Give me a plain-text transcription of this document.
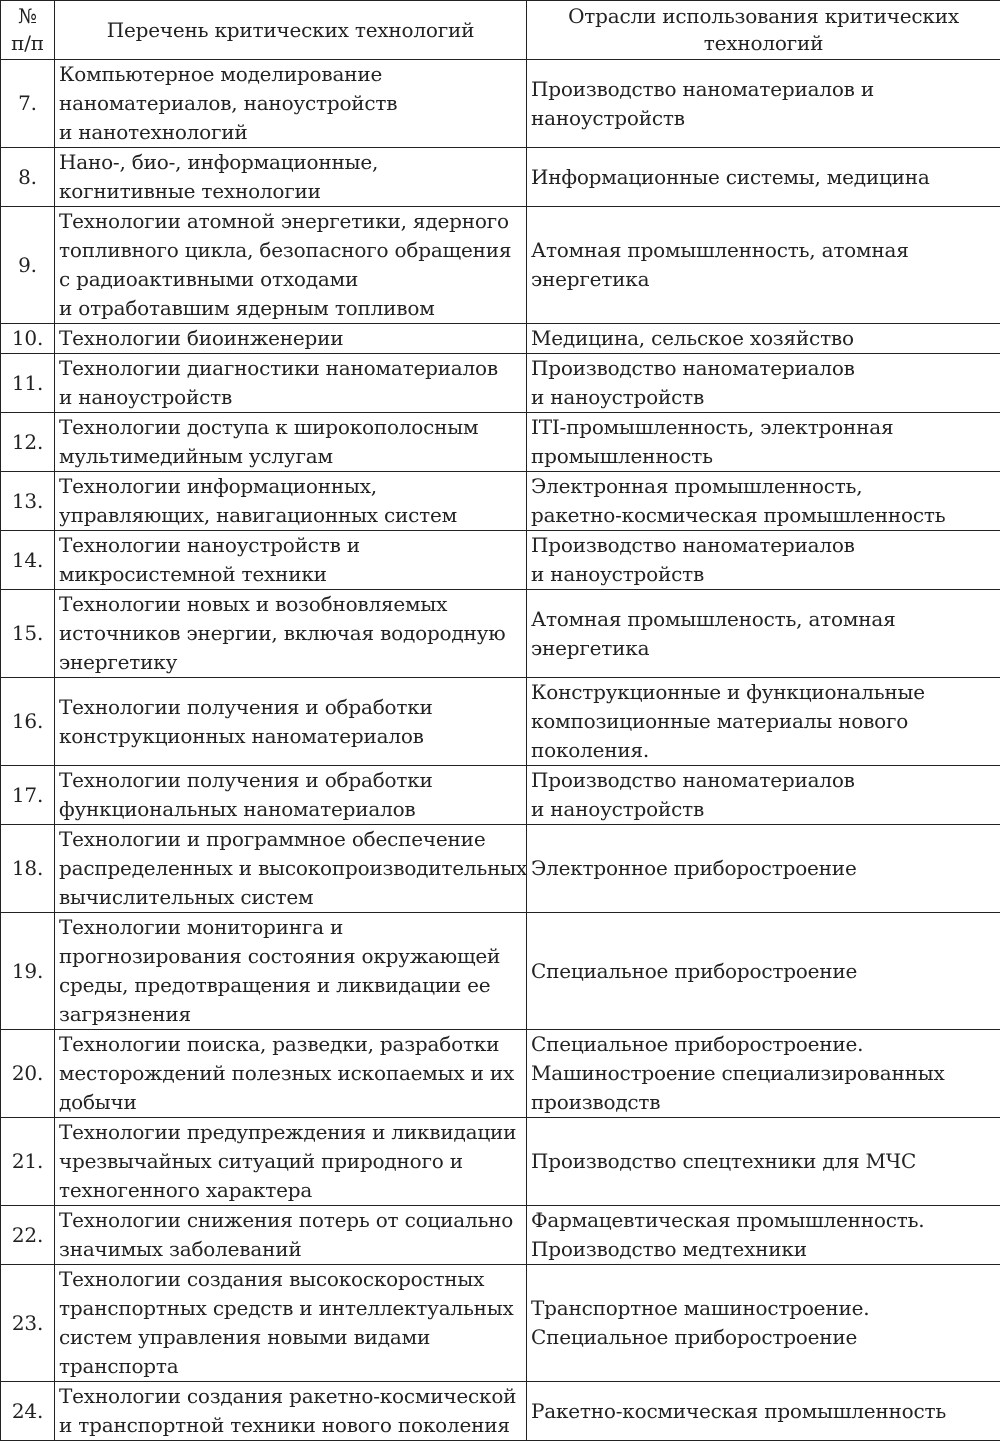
№
п/п	Перечень критических технологий	Отрасли использования критических
технологий

7.	Компьютерное моделирование
наноматериалов, наноустройств
и нанотехнологий	Производство наноматериалов и
наноустройств

8.	Нано-, био-, информационные,
когнитивные технологии	Информационные системы, медицина

9.	Технологии атомной энергетики, ядерного
топливного цикла, безопасного обращения
с радиоактивными отходами
и отработавшим ядерным топливом	Атомная промышленность, атомная
энергетика

10.	Технологии биоинженерии	Медицина, сельское хозяйство

11.	Технологии диагностики наноматериалов
и наноустройств	Производство наноматериалов
и наноустройств

12.	Технологии доступа к широкополосным
мультимедийным услугам	ITI-промышленность, электронная
промышленность

13.	Технологии информационных,
управляющих, навигационных систем	Электронная промышленность,
ракетно-космическая промышленность

14.	Технологии наноустройств и
микросистемной техники	Производство наноматериалов
и наноустройств

15.	Технологии новых и возобновляемых
источников энергии, включая водородную
энергетику	Атомная промышленость, атомная
энергетика

16.	Технологии получения и обработки
конструкционных наноматериалов	Конструкционные и функциональные
композиционные материалы нового
поколения.

17.	Технологии получения и обработки
функциональных наноматериалов	Производство наноматериалов
и наноустройств

18.	Технологии и программное обеспечение
распределенных и высокопроизводительных
вычислительных систем	Электронное приборостроение

19.	Технологии мониторинга и
прогнозирования состояния окружающей
среды, предотвращения и ликвидации ее
загрязнения	Специальное приборостроение

20.	Технологии поиска, разведки, разработки
месторождений полезных ископаемых и их
добычи	Специальное приборостроение.
Машиностроение специализированных
производств

21.	Технологии предупреждения и ликвидации
чрезвычайных ситуаций природного и
техногенного характера	Производство спецтехники для МЧС

22.	Технологии снижения потерь от социально
значимых заболеваний	Фармацевтическая промышленность.
Производство медтехники

23.	Технологии создания высокоскоростных
транспортных средств и интеллектуальных
систем управления новыми видами
транспорта	Транспортное машиностроение.
Специальное приборостроение

24.	Технологии создания ракетно-космической
и транспортной техники нового поколения	Ракетно-космическая промышленность
